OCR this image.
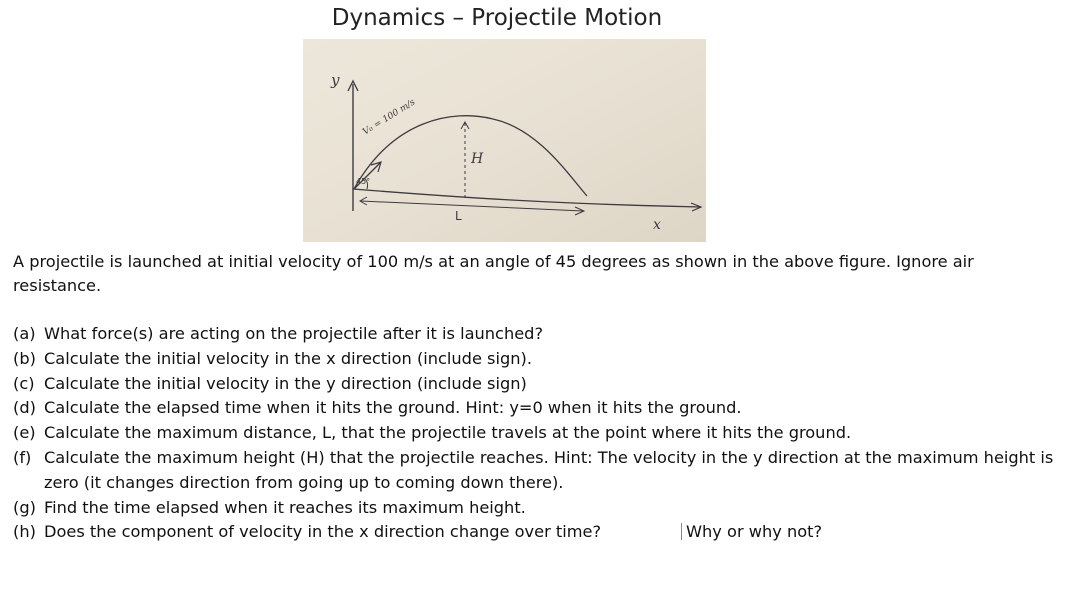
Dynamics – Projectile Motion
y
x
45°
V₀ = 100 m/s
H
L
A projectile is launched at initial velocity of 100 m/s at an angle of 45 degrees as shown in the above figure. Ignore air resistance.
(a) What force(s) are acting on the projectile after it is launched?
(b) Calculate the initial velocity in the x direction (include sign).
(c) Calculate the initial velocity in the y direction (include sign)
(d) Calculate the elapsed time when it hits the ground. Hint: y=0 when it hits the ground.
(e) Calculate the maximum distance, L, that the projectile travels at the point where it hits the ground.
(f) Calculate the maximum height (H) that the projectile reaches. Hint: The velocity in the y direction at the maximum height is zero (it changes direction from going up to coming down there).
(g) Find the time elapsed when it reaches its maximum height.
(h) Does the component of velocity in the x direction change over time?	Why or why not?
